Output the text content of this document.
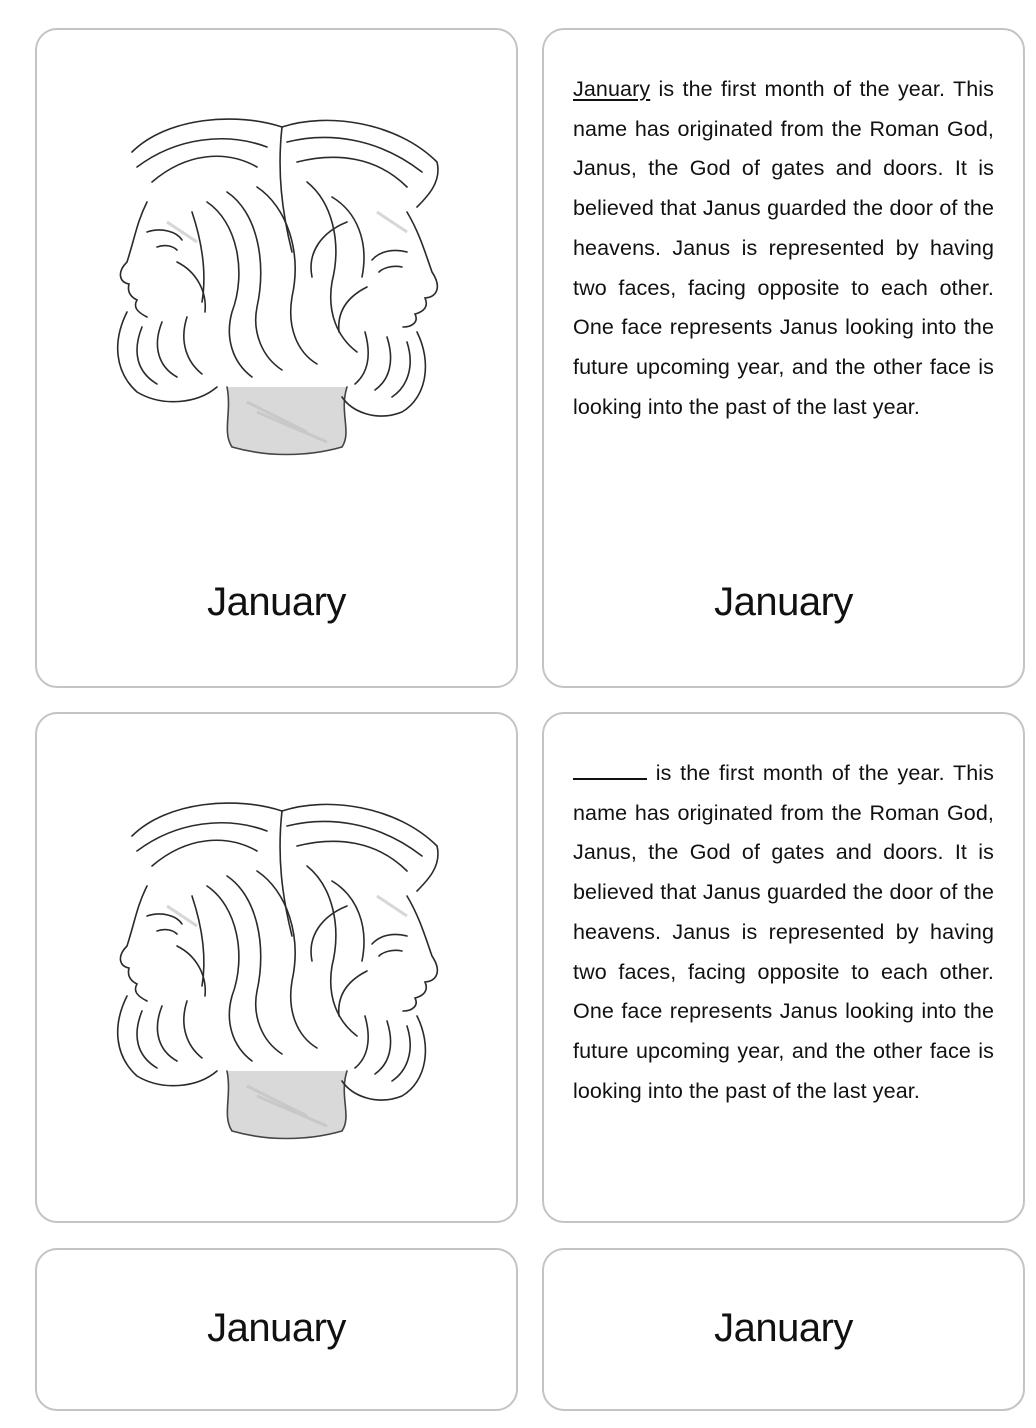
January
January is the first month of the year. This name has originated from the Roman God, Janus, the God of gates and doors. It is believed that Janus guarded the door of the heavens. Janus is represented by having two faces, facing opposite to each other. One face represents Janus looking into the future upcoming year, and the other face is looking into the past of the last year.
January
is the first month of the year. This name has originated from the Roman God, Janus, the God of gates and doors. It is believed that Janus guarded the door of the heavens. Janus is represented by having two faces, facing opposite to each other. One face represents Janus looking into the future upcoming year, and the other face is looking into the past of the last year.
January	January
